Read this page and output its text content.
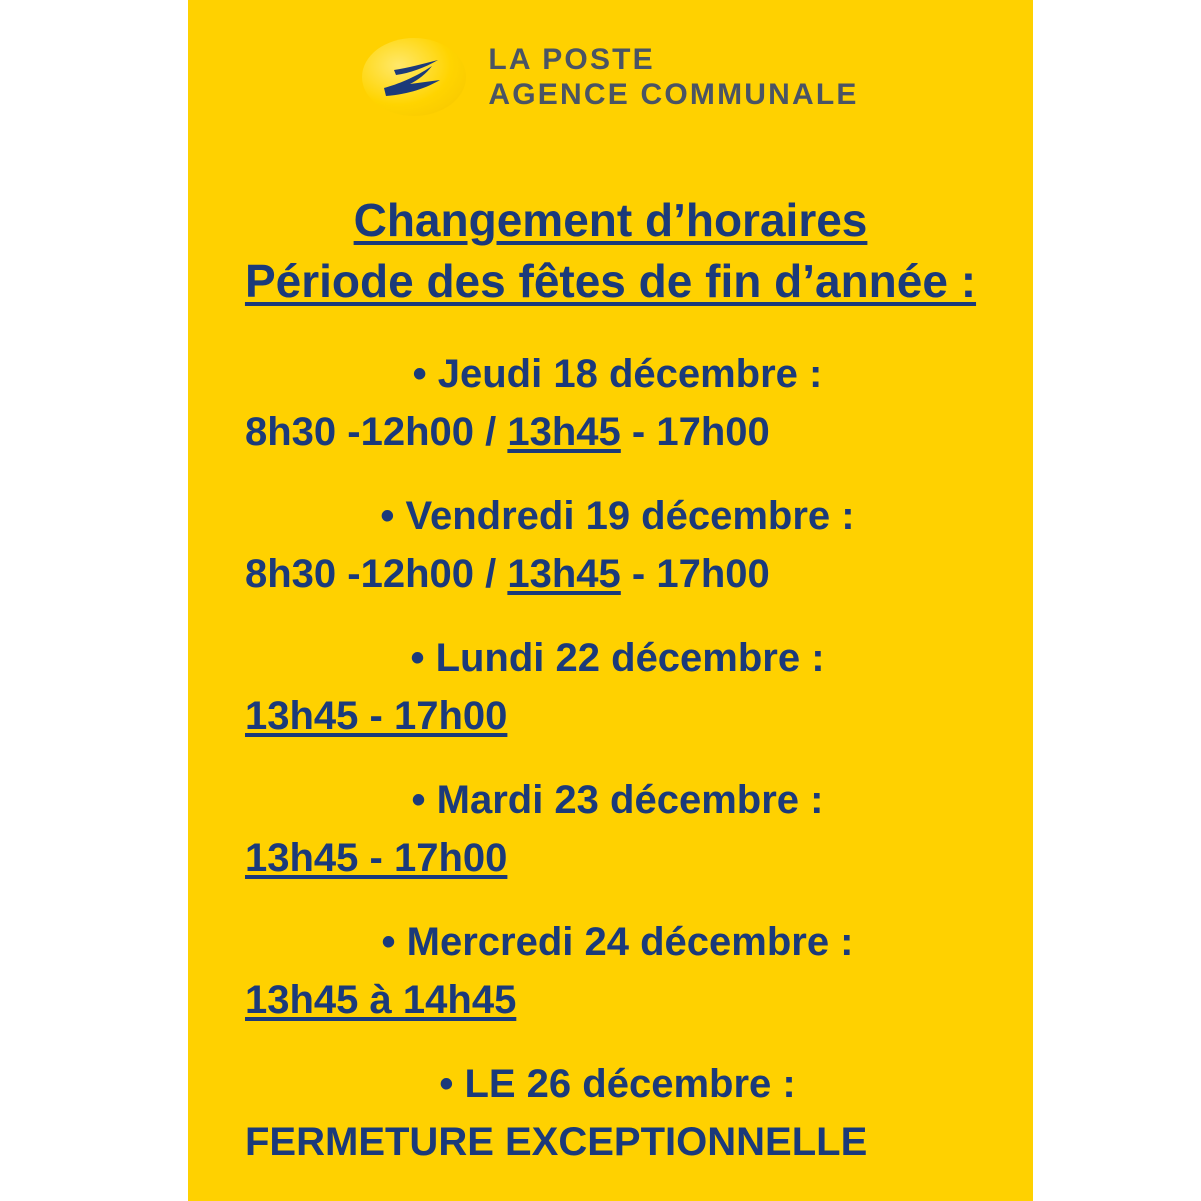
LA POSTE
AGENCE COMMUNALE
Changement d’horaires
Période des fêtes de fin d’année :
• Jeudi 18 décembre :
8h30 -12h00 / 13h45 - 17h00
• Vendredi 19 décembre :
8h30 -12h00 / 13h45 - 17h00
• Lundi 22 décembre :
13h45 - 17h00
• Mardi 23 décembre :
13h45 - 17h00
• Mercredi 24 décembre :
13h45 à 14h45
• LE 26 décembre :
FERMETURE EXCEPTIONNELLE
